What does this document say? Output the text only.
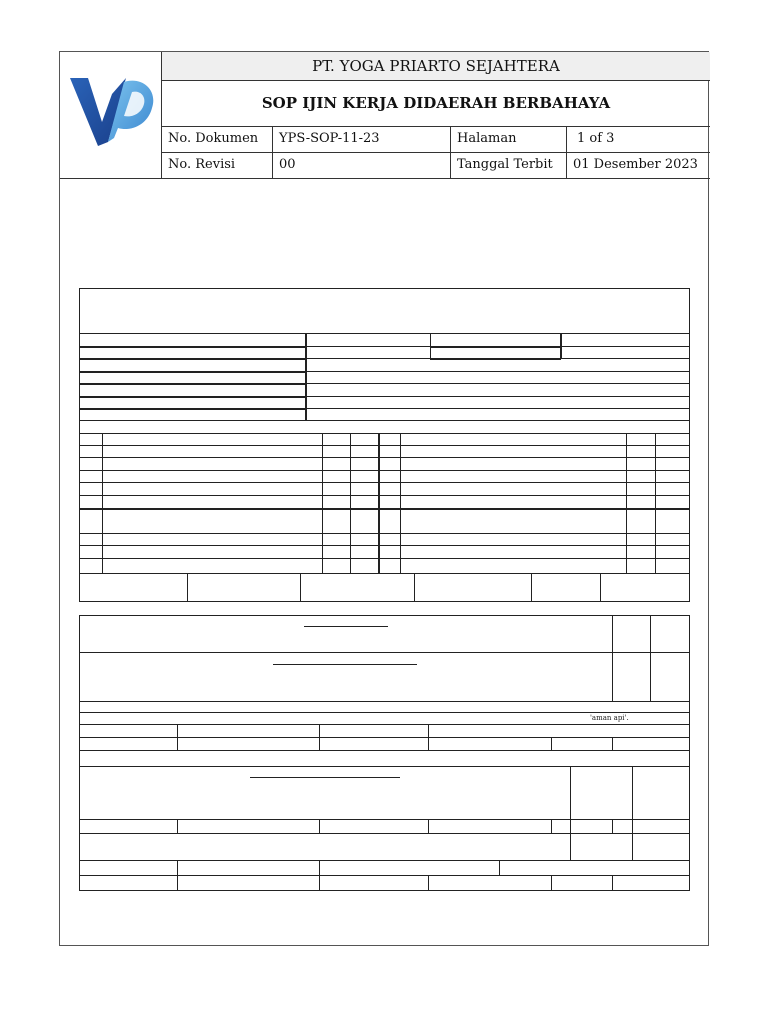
PT. YOGA PRIARTO SEJAHTERA
SOP IJIN KERJA DIDAERAH BERBAHAYA
No. Dokumen	YPS-SOP-11-23	Halaman	1 of 3
No. Revisi	00	Tanggal Terbit	01 Desember 2023
'aman api'.
